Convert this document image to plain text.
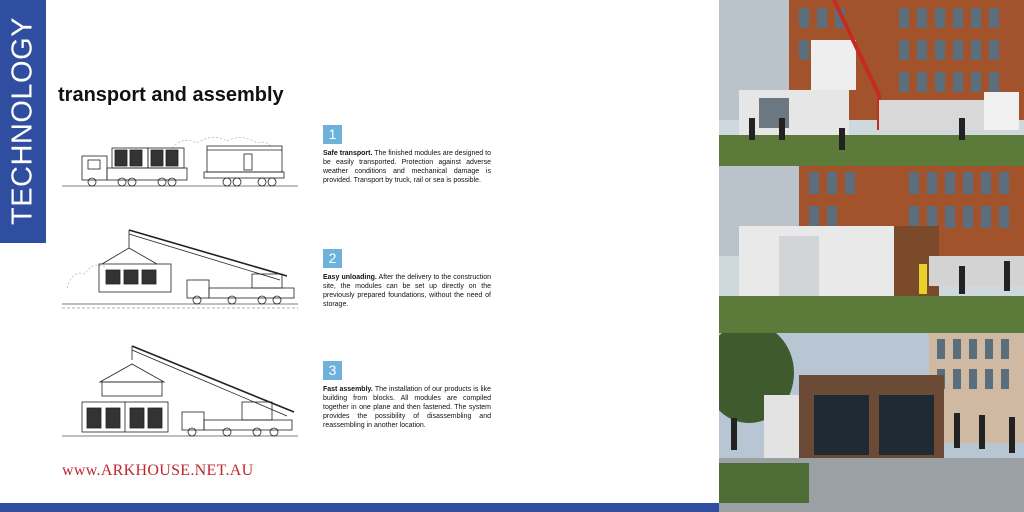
TECHNOLOGY transport and assembly
1
Safe transport. The finished modules are designed to be easily transported. Protection against adverse weather conditions and mechanical damage is provided. Transport by truck, rail or sea is possible.
2
Easy unloading. After the delivery to the construction site, the modules can be set up directly on the previously prepared foundations, without the need of storage.
3
Fast assembly. The installation of our products is like building from blocks. All modules are compiled together in one plane and then fastened. The system provides the possibility of disassembling and reassembling in another location.
www.ARKHOUSE.NET.AU
